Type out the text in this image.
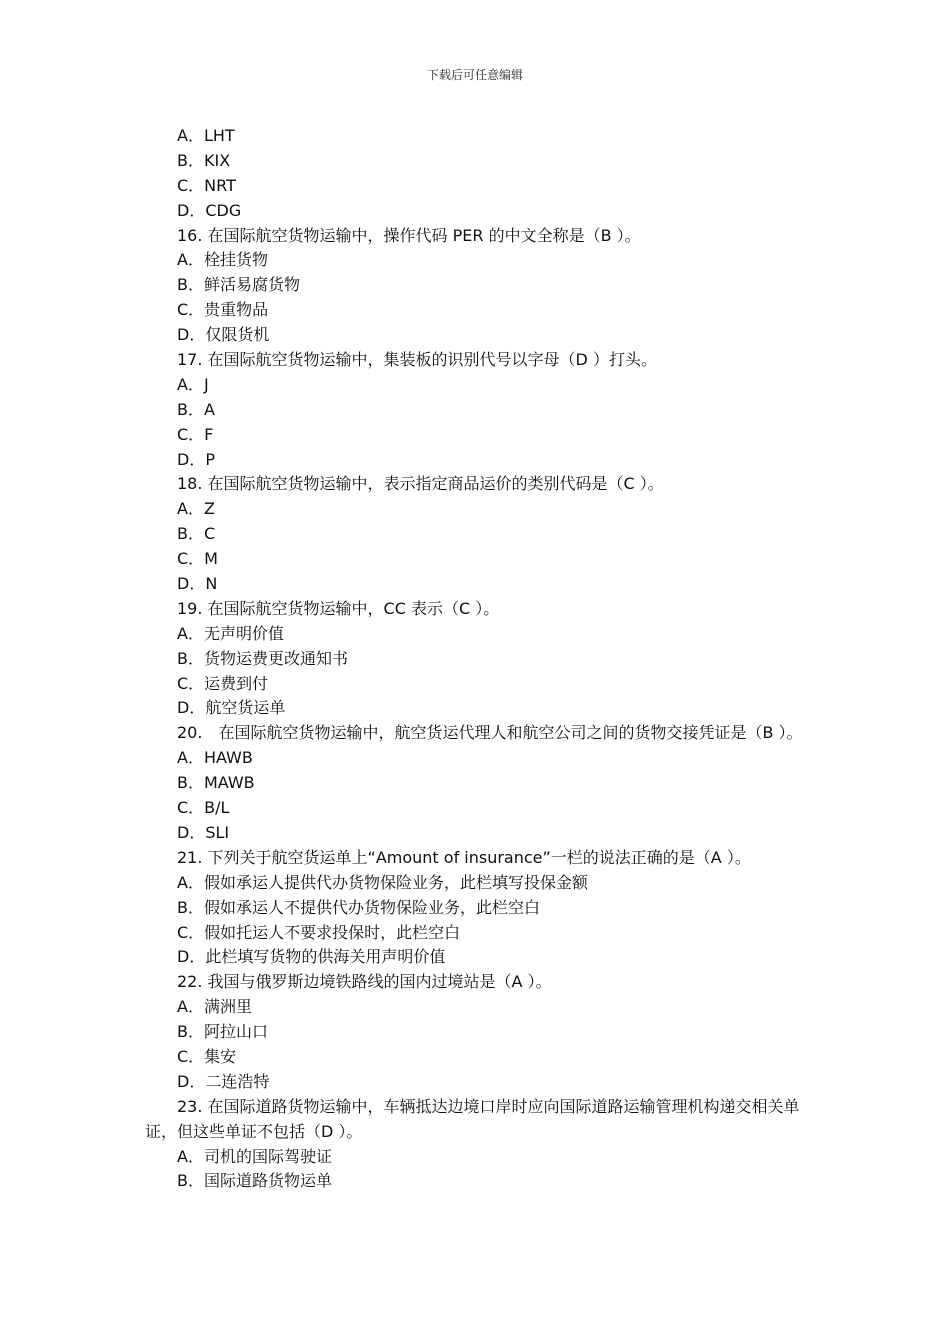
下载后可任意编辑
A．LHT
B．KIX
C．NRT
D．CDG
16. 在国际航空货物运输中，操作代码 PER 的中文全称是（B ）。
A．栓挂货物
B．鲜活易腐货物
C．贵重物品
D．仅限货机
17. 在国际航空货物运输中，集装板的识别代号以字母（D ）打头。
A．J
B．A
C．F
D．P
18. 在国际航空货物运输中，表示指定商品运价的类别代码是（C ）。
A．Z
B．C
C．M
D．N
19. 在国际航空货物运输中，CC 表示（C ）。
A．无声明价值
B．货物运费更改通知书
C．运费到付
D．航空货运单
20.　在国际航空货物运输中，航空货运代理人和航空公司之间的货物交接凭证是（B ）。
A．HAWB
B．MAWB
C．B/L
D．SLI
21. 下列关于航空货运单上“Amount of insurance”一栏的说法正确的是（A ）。
A．假如承运人提供代办货物保险业务，此栏填写投保金额
B．假如承运人不提供代办货物保险业务，此栏空白
C．假如托运人不要求投保时，此栏空白
D．此栏填写货物的供海关用声明价值
22. 我国与俄罗斯边境铁路线的国内过境站是（A ）。
A．满洲里
B．阿拉山口
C．集安
D．二连浩特
23. 在国际道路货物运输中，车辆抵达边境口岸时应向国际道路运输管理机构递交相关单证，但这些单证不包括（D ）。
A．司机的国际驾驶证
B．国际道路货物运单
